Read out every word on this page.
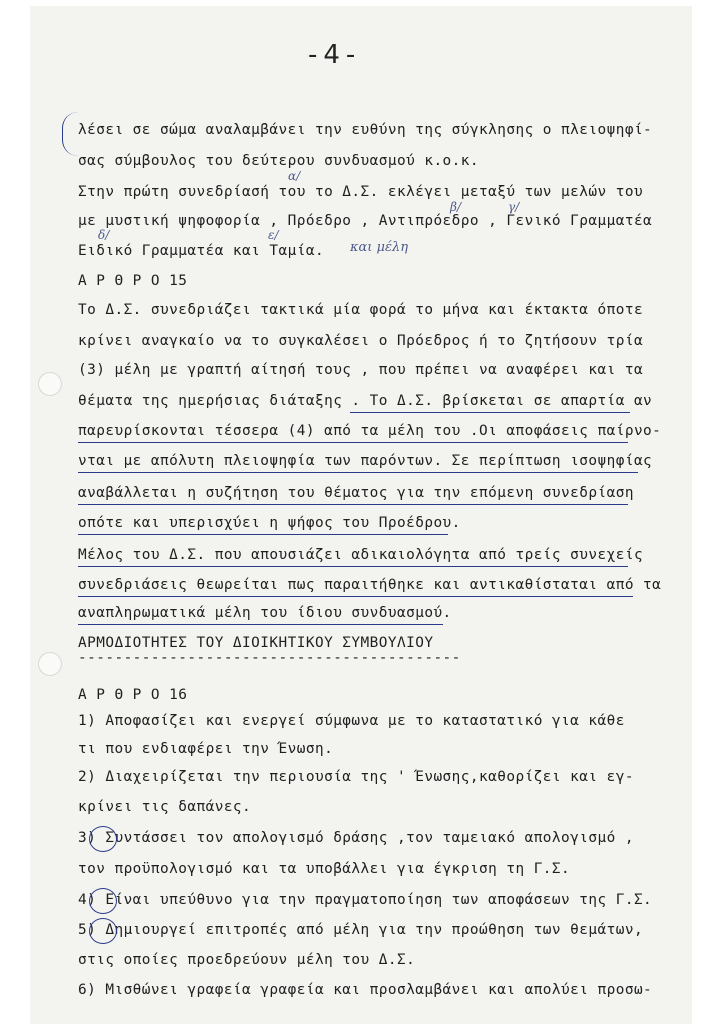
-4-
λέσει σε σώμα αναλαμβάνει την ευθύνη της σύγκλησης ο πλειοψηφί-
σας σύμβουλος του δεύτερου συνδυασμού κ.ο.κ.
Στην πρώτη συνεδρίασή του το Δ.Σ. εκλέγει μεταξύ των μελών του
με μυστική ψηφοφορία , Πρόεδρο , Αντιπρόεδρο , Γενικό Γραμματέα
Ειδικό Γραμματέα και Ταμία.
Α Ρ Θ Ρ Ο 15
Το Δ.Σ. συνεδριάζει τακτικά μία φορά το μήνα και έκτακτα όποτε
κρίνει αναγκαίο να το συγκαλέσει ο Πρόεδρος ή το ζητήσουν τρία
(3) μέλη με γραπτή αίτησή τους , που πρέπει να αναφέρει και τα
θέματα της ημερήσιας διάταξης . Το Δ.Σ. βρίσκεται σε απαρτία αν
παρευρίσκονται τέσσερα (4) από τα μέλη του .Οι αποφάσεις παίρνο-
νται με απόλυτη πλειοψηφία των παρόντων. Σε περίπτωση ισοψηφίας
αναβάλλεται η συζήτηση του θέματος για την επόμενη συνεδρίαση
οπότε και υπερισχύει η ψήφος του Προέδρου.
Μέλος του Δ.Σ. που απουσιάζει αδικαιολόγητα από τρείς συνεχείς
συνεδριάσεις θεωρείται πως παραιτήθηκε και αντικαθίσταται από τα
αναπληρωματικά μέλη του ίδιου συνδυασμού.
ΑΡΜΟΔΙΟΤΗΤΕΣ ΤΟΥ ΔΙΟΙΚΗΤΙΚΟΥ ΣΥΜΒΟΥΛΙΟΥ
------------------------------------------
Α Ρ Θ Ρ Ο 16
1) Αποφασίζει και ενεργεί σύμφωνα με το καταστατικό για κάθε
τι που ενδιαφέρει την Ένωση.
2) Διαχειρίζεται την περιουσία της ' Ένωσης,καθορίζει και εγ-
κρίνει τις δαπάνες.
3) Συντάσσει τον απολογισμό δράσης ,τον ταμειακό απολογισμό ,
τον προϋπολογισμό και τα υποβάλλει για έγκριση τη Γ.Σ.
4) Είναι υπεύθυνο για την πραγματοποίηση των αποφάσεων της Γ.Σ.
5) Δημιουργεί επιτροπές από μέλη για την προώθηση των θεμάτων,
στις οποίες προεδρεύουν μέλη του Δ.Σ.
6) Μισθώνει γραφεία γραφεία και προσλαμβάνει και απολύει προσω-
α/
β/	γ/
δ/	ε/
και μέλη
